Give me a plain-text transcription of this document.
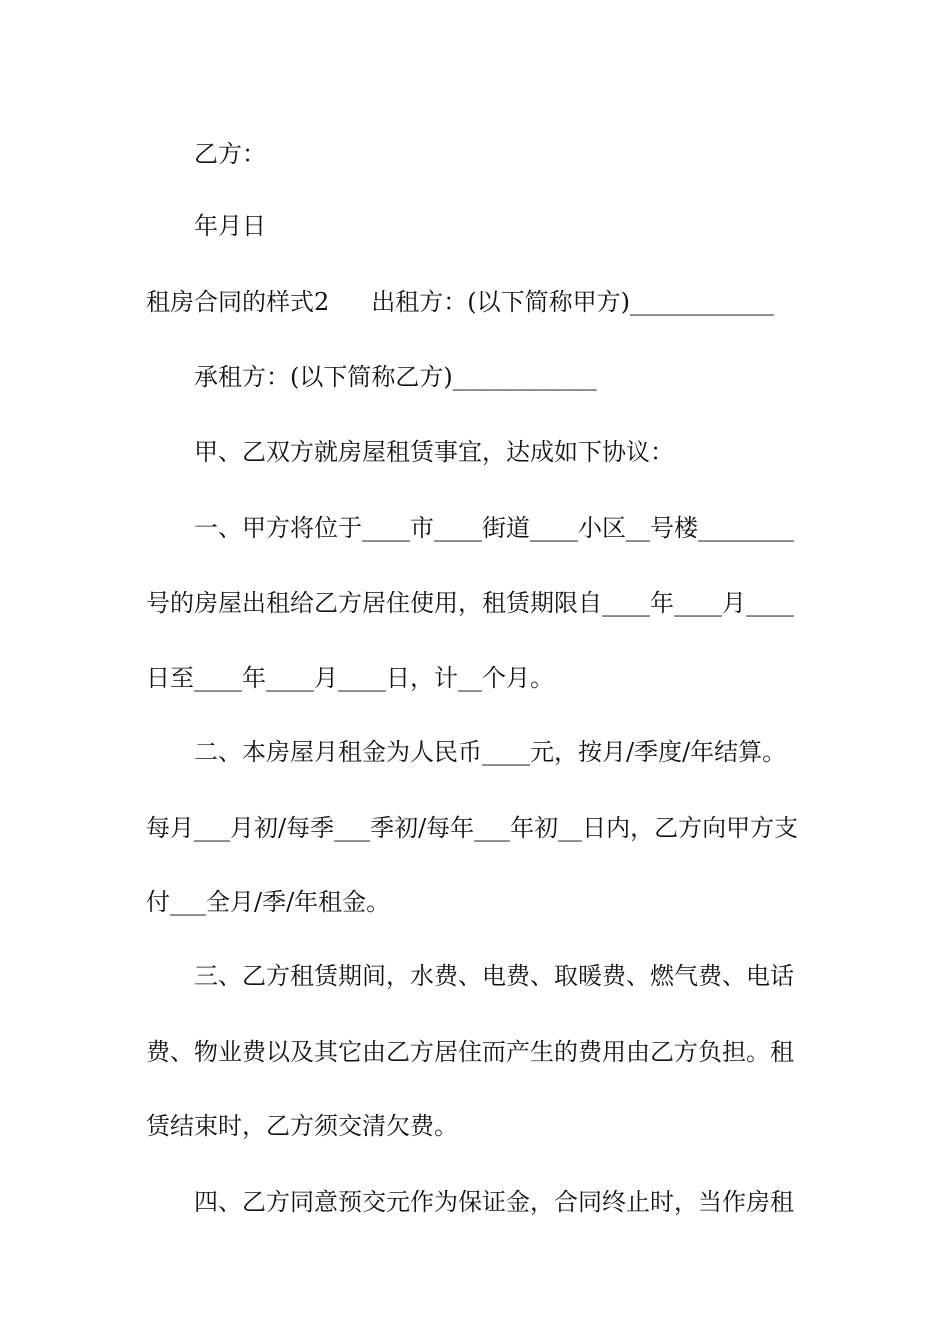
乙方：
年月日
租房合同的样式2 出租方：(以下简称甲方)____________
承租方：(以下简称乙方)____________
甲、乙双方就房屋租赁事宜，达成如下协议：
一、甲方将位于____市____街道____小区__号楼________
号的房屋出租给乙方居住使用，租赁期限自____年____月____
日至____年____月____日，计__个月。
二、本房屋月租金为人民币____元，按月/季度/年结算。
每月___月初/每季___季初/每年___年初__日内，乙方向甲方支
付___全月/季/年租金。
三、乙方租赁期间，水费、电费、取暖费、燃气费、电话
费、物业费以及其它由乙方居住而产生的费用由乙方负担。租
赁结束时，乙方须交清欠费。
四、乙方同意预交元作为保证金，合同终止时，当作房租
